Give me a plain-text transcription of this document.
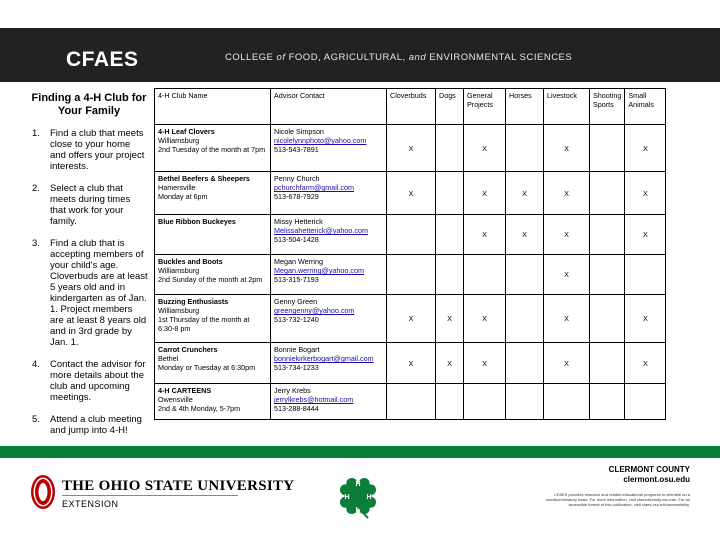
CFAES	COLLEGE of FOOD, AGRICULTURAL, and ENVIRONMENTAL SCIENCES
Finding a 4-H Club for Your Family
1. Find a club that meets close to your home and offers your project interests.
2. Select a club that meets during times that work for your family.
3. Find a club that is accepting members of your child's age. Cloverbuds are at least 5 years old and in kindergarten as of Jan. 1. Project members are at least 8 years old and in 3rd grade by Jan. 1.
4. Contact the advisor for more details about the club and upcoming meetings.
5. Attend a club meeting and jump into 4-H!
4-H Club Name	Advisor Contact	Cloverbuds	Dogs	General Projects	Horses	Livestock	Shooting Sports	Small Animals

4-H Leaf Clovers
Williamsburg
2nd Tuesday of the month at 7pm	Nicole Simpson
nicolelynnphoto@yahoo.com
513-543-7891	X		X		X		X

Bethel Beefers & Sheepers
Hamersville
Monday at 6pm	Penny Church
pchurchfarm@gmail.com
513-678-7929	X		X	X	X		X

Blue Ribbon Buckeyes	Missy Hetterick
Melissahetterick@yahoo.com
513-504-1428			X	X	X		X

Buckles and Boots
Williamsburg
2nd Sunday of the month at 2pm	Megan Werring
Megan.werring@yahoo.com
513-315-7193					X		

Buzzing Enthusiasts
Williamsburg
1st Thursday of the month at 6:30-8 pm	Genny Green
greengenny@yahoo.com
513-732-1240	X	X	X		X		X

Carrot Crunchers
Bethel
Monday or Tuesday at 6:30pm	Bonnie Bogart
bonniekirkerbogart@gmail.com
513-734-1233	X	X	X		X		X

4-H CARTEENS
Owensville
2nd & 4th Monday, 5-7pm	Jerry Krebs
jerrylkrebs@hotmail.com
513-288-8444							

THE OHIO STATE UNIVERSITY
EXTENSION
H
H
H
H
CLERMONT COUNTY
clermont.osu.edu
CFAES provides research and related educational programs to clientele on a nondiscriminatory basis. For more information, visit cfaesdiversity.osu.edu. For an accessible format of this publication, visit cfaes.osu.edu/accessibility.
